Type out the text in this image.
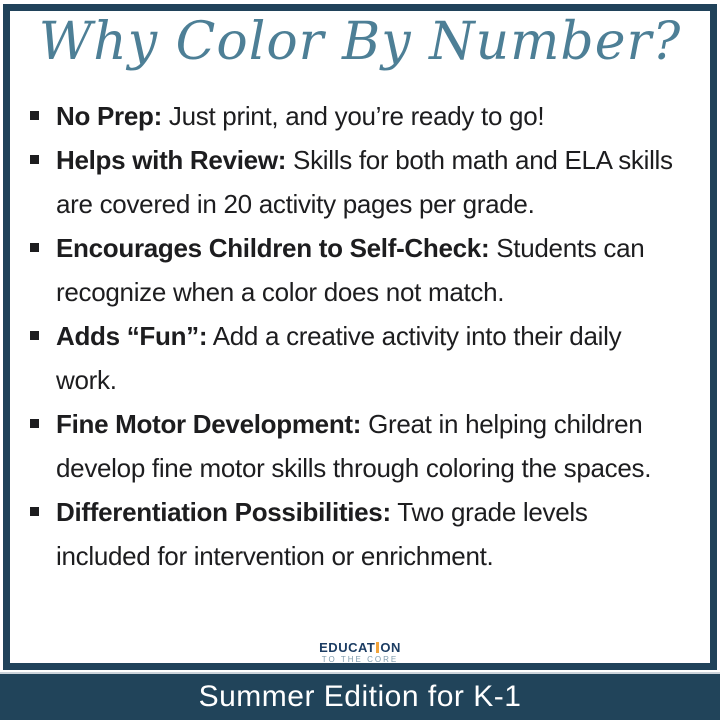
Why Color By Number?
No Prep: Just print, and you’re ready to go!
Helps with Review: Skills for both math and ELA skills are covered in 20 activity pages per grade.
Encourages Children to Self-Check: Students can recognize when a color does not match.
Adds “Fun”: Add a creative activity into their daily work.
Fine Motor Development: Great in helping children develop fine motor skills through coloring the spaces.
Differentiation Possibilities: Two grade levels included for intervention or enrichment.
EDUCAT ON
TO THE CORE
Summer Edition for K-1
